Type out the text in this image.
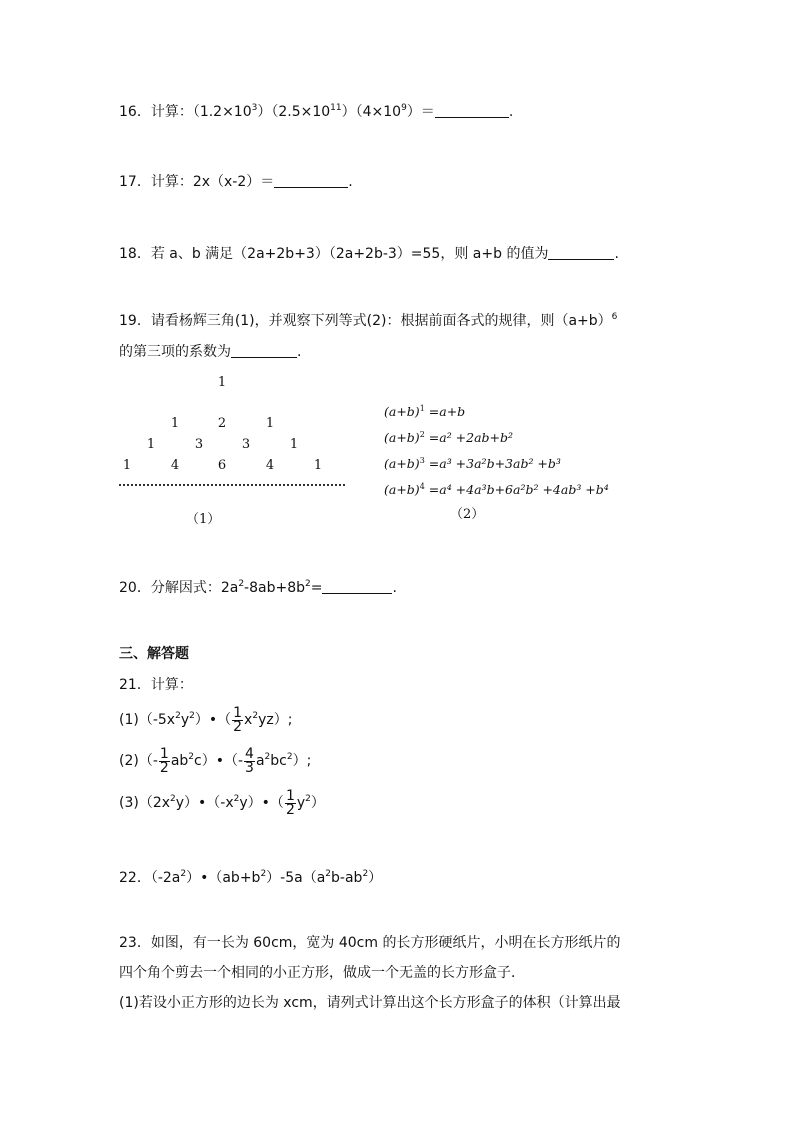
16．计算：$(1.2\times 10^3)(2.5\times 10^{11})(4\times 10^9)=$	.
17．计算：2x（x-2）＝	.
18．若 a、b 满足（2a+2b+3）（2a+2b-3）=55，则 a+b 的值为	.
19．请看杨辉三角(1)，并观察下列等式(2)：根据前面各式的规律，则$(a+b)^6$
的第三项的系数为	.
1
1	2	1
1	3	3	1
1	4	6	4	1
（1）
$(a+b)^1 =a+b$
$(a+b)^2 =a^2 +2ab+b^2$
$(a+b)^3 =a^3 +3a^2b+3ab^2 +b^3$
$(a+b)^4 =a^4 +4a^3b+6a^2b^2 +4ab^3 +b^4$
（2）
20．分解因式：$2a^2-8ab+8b^2=$	.
三、解答题
21．计算：
$(1)(-5x^2y^2)•( \frac{1}{2} x^2yz)$;
$(2)(- \frac{1}{2}$ $ab^2c)•(- \frac{4}{3} a^2bc^2)$;
$(3)(2x^2y)•(-x^2y)•( \frac{1}{2} y^2)$
22．$(-2a^2)•(ab+b^2)-5a(a^2b-ab^2)$
23．如图，有一长为 60cm，宽为 40cm 的长方形硬纸片，小明在长方形纸片的
四个角个剪去一个相同的小正方形，做成一个无盖的长方形盒子．
(1)若设小正方形的边长为 xcm，请列式计算出这个长方形盒子的体积（计算出最
